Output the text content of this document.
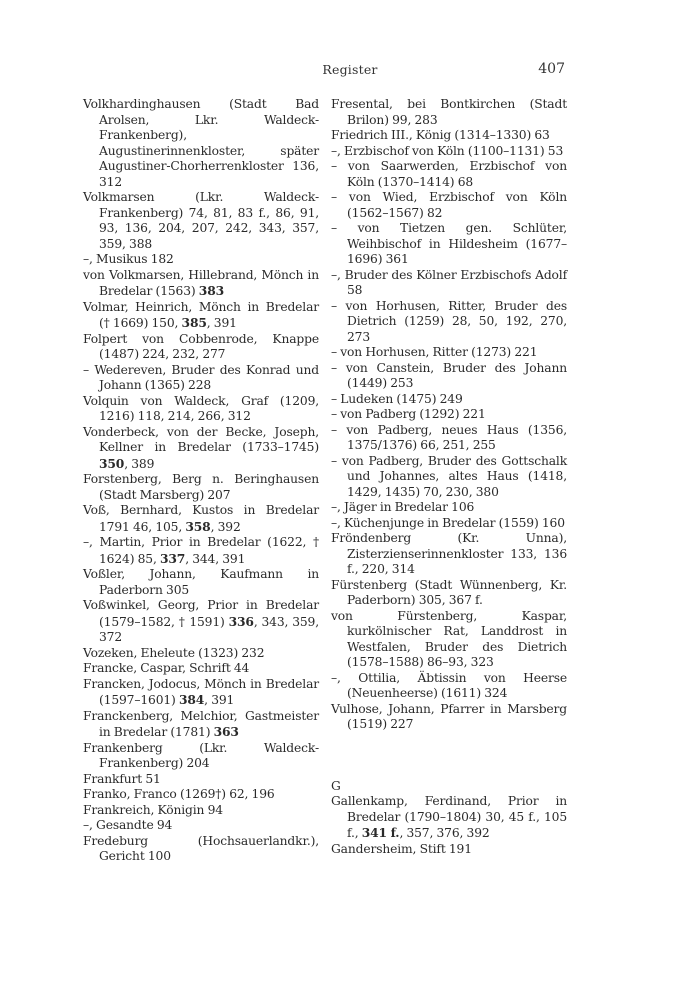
Register	407

Volkhardinghausen (Stadt Bad Arolsen, Lkr. Waldeck-Frankenberg), Augustinerinnenkloster, später Augustiner-Chorherrenkloster 136, 312

Volkmarsen (Lkr. Waldeck-Frankenberg) 74, 81, 83 f., 86, 91, 93, 136, 204, 207, 242, 343, 357, 359, 388

–, Musikus 182

von Volkmarsen, Hillebrand, Mönch in Bredelar (1563) 383

Volmar, Heinrich, Mönch in Bredelar († 1669) 150, 385, 391

Folpert von Cobbenrode, Knappe (1487) 224, 232, 277

– Wedereven, Bruder des Konrad und Johann (1365) 228

Volquin von Waldeck, Graf (1209, 1216) 118, 214, 266, 312

Vonderbeck, von der Becke, Joseph, Kellner in Bredelar (1733–1745) 350, 389

Forstenberg, Berg n. Beringhausen (Stadt Marsberg) 207

Voß, Bernhard, Kustos in Bredelar 1791 46, 105, 358, 392

–, Martin, Prior in Bredelar (1622, † 1624) 85, 337, 344, 391

Voßler, Johann, Kaufmann in Paderborn 305

Voßwinkel, Georg, Prior in Bredelar (1579–1582, † 1591) 336, 343, 359, 372

Vozeken, Eheleute (1323) 232

Francke, Caspar, Schrift 44

Francken, Jodocus, Mönch in Bredelar (1597–1601) 384, 391

Franckenberg, Melchior, Gastmeister in Bredelar (1781) 363

Frankenberg (Lkr. Waldeck-Frankenberg) 204

Frankfurt 51

Franko, Franco (1269†) 62, 196

Frankreich, Königin 94

–, Gesandte 94

Fredeburg (Hochsauerlandkr.), Gericht 100

Fresental, bei Bontkirchen (Stadt Brilon) 99, 283

Friedrich III., König (1314–1330) 63

–, Erzbischof von Köln (1100–1131) 53

– von Saarwerden, Erzbischof von Köln (1370–1414) 68

– von Wied, Erzbischof von Köln (1562–1567) 82

– von Tietzen gen. Schlüter, Weihbischof in Hildesheim (1677–1696) 361

–, Bruder des Kölner Erzbischofs Adolf 58

– von Horhusen, Ritter, Bruder des Dietrich (1259) 28, 50, 192, 270, 273

– von Horhusen, Ritter (1273) 221

– von Canstein, Bruder des Johann (1449) 253

– Ludeken (1475) 249

– von Padberg (1292) 221

– von Padberg, neues Haus (1356, 1375/1376) 66, 251, 255

– von Padberg, Bruder des Gottschalk und Johannes, altes Haus (1418, 1429, 1435) 70, 230, 380

–, Jäger in Bredelar 106

–, Küchenjunge in Bredelar (1559) 160

Fröndenberg (Kr. Unna), Zisterzienserinnenkloster 133, 136 f., 220, 314

Fürstenberg (Stadt Wünnenberg, Kr. Paderborn) 305, 367 f.

von Fürstenberg, Kaspar, kurkölnischer Rat, Landdrost in Westfalen, Bruder des Dietrich (1578–1588) 86–93, 323

–, Ottilia, Äbtissin von Heerse (Neuenheerse) (1611) 324

Vulhose, Johann, Pfarrer in Marsberg (1519) 227

G

Gallenkamp, Ferdinand, Prior in Bredelar (1790–1804) 30, 45 f., 105 f., 341 f., 357, 376, 392

Gandersheim, Stift 191
